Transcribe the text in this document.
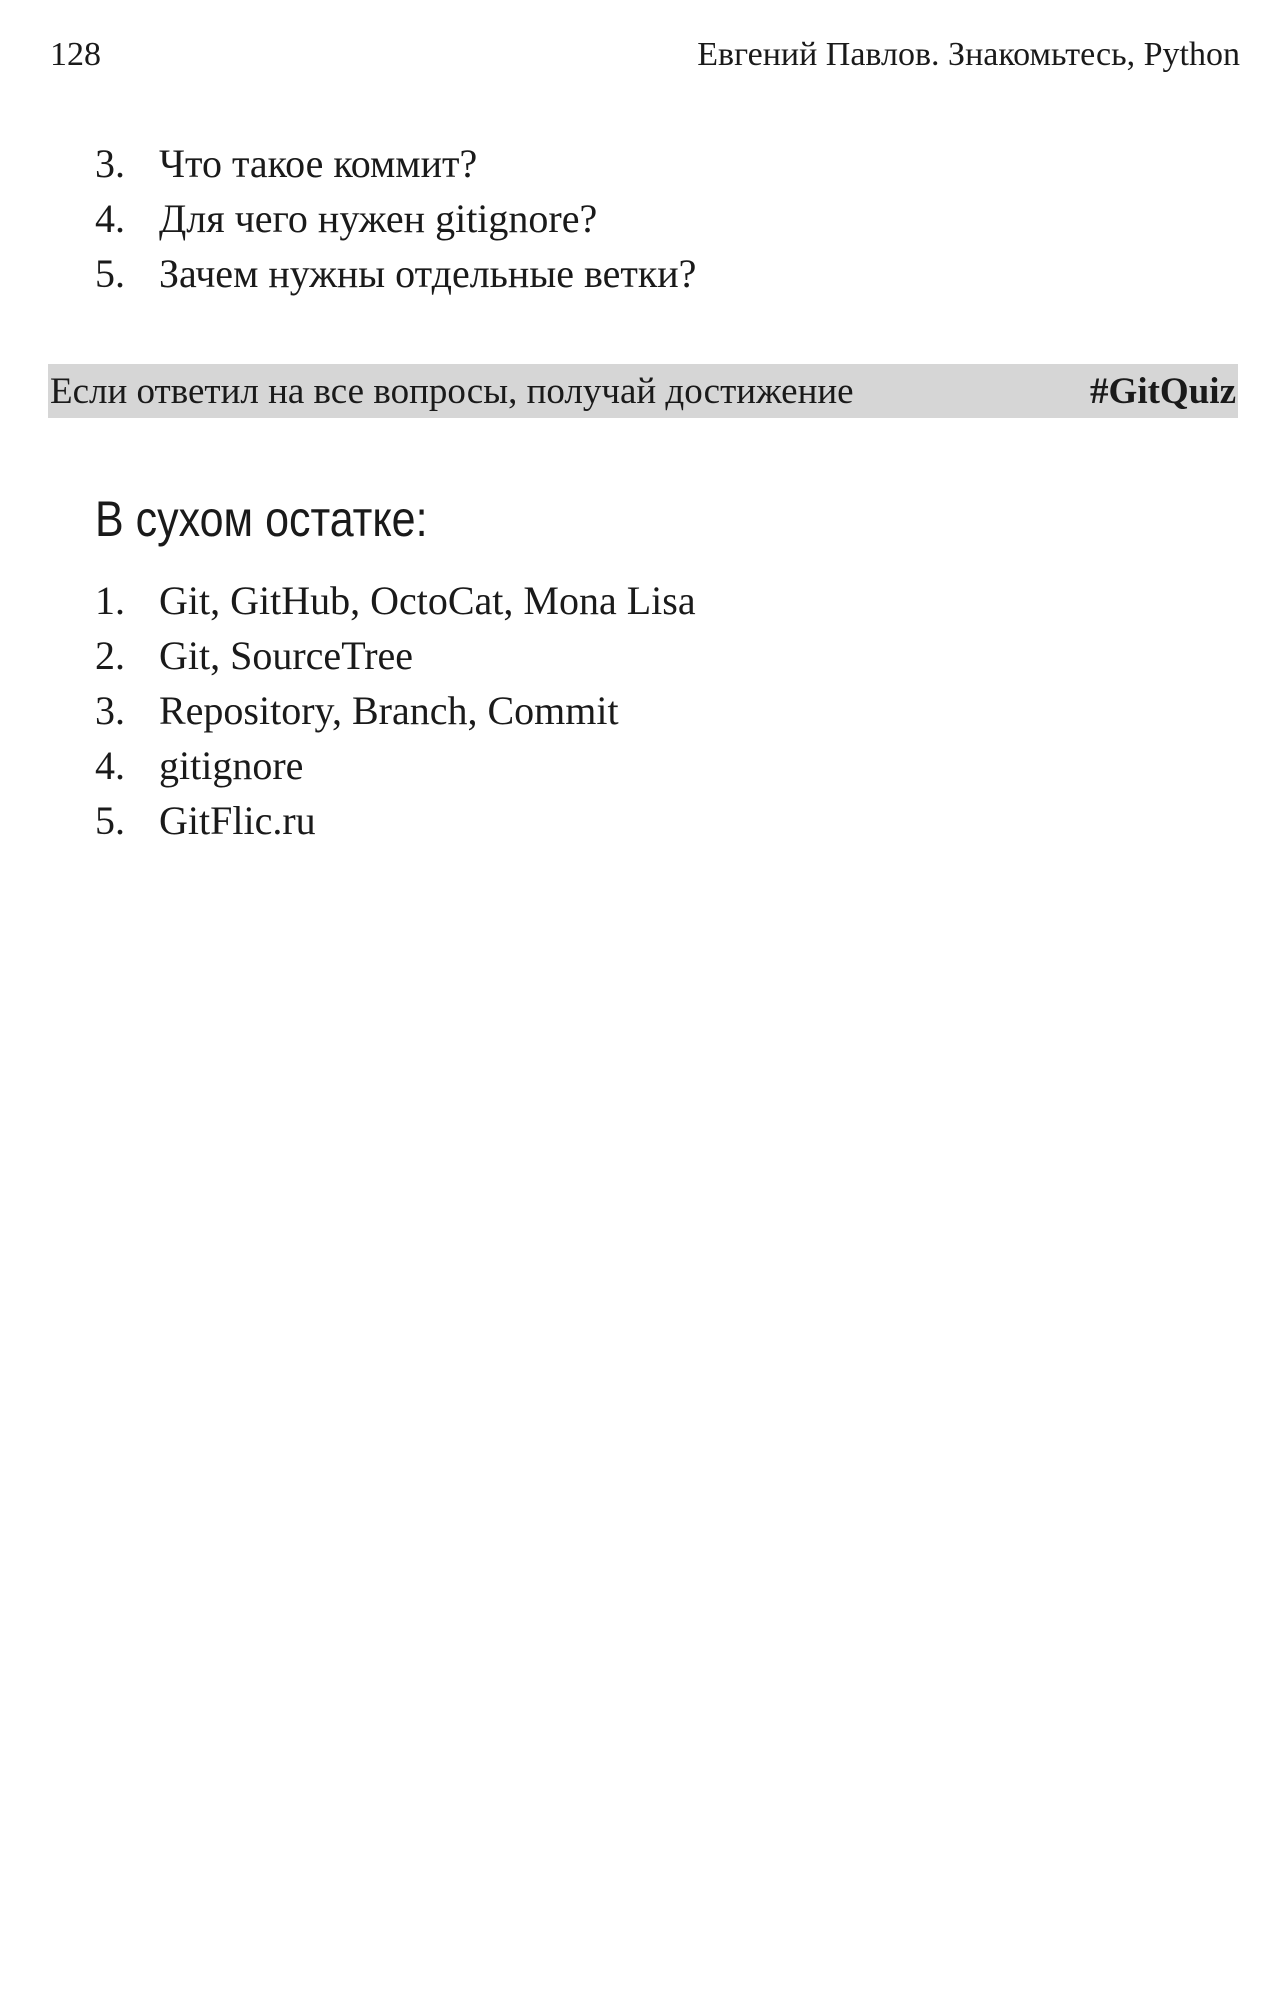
128	Евгений Павлов. Знакомьтесь, Python
3. Что такое коммит?
4. Для чего нужен gitignore?
5. Зачем нужны отдельные ветки?
Если ответил на все вопросы, получай достижение	#GitQuiz
В сухом остатке:
1. Git, GitHub, OctoCat, Mona Lisa
2. Git, SourceTree
3. Repository, Branch, Commit
4. gitignore
5. GitFlic.ru
